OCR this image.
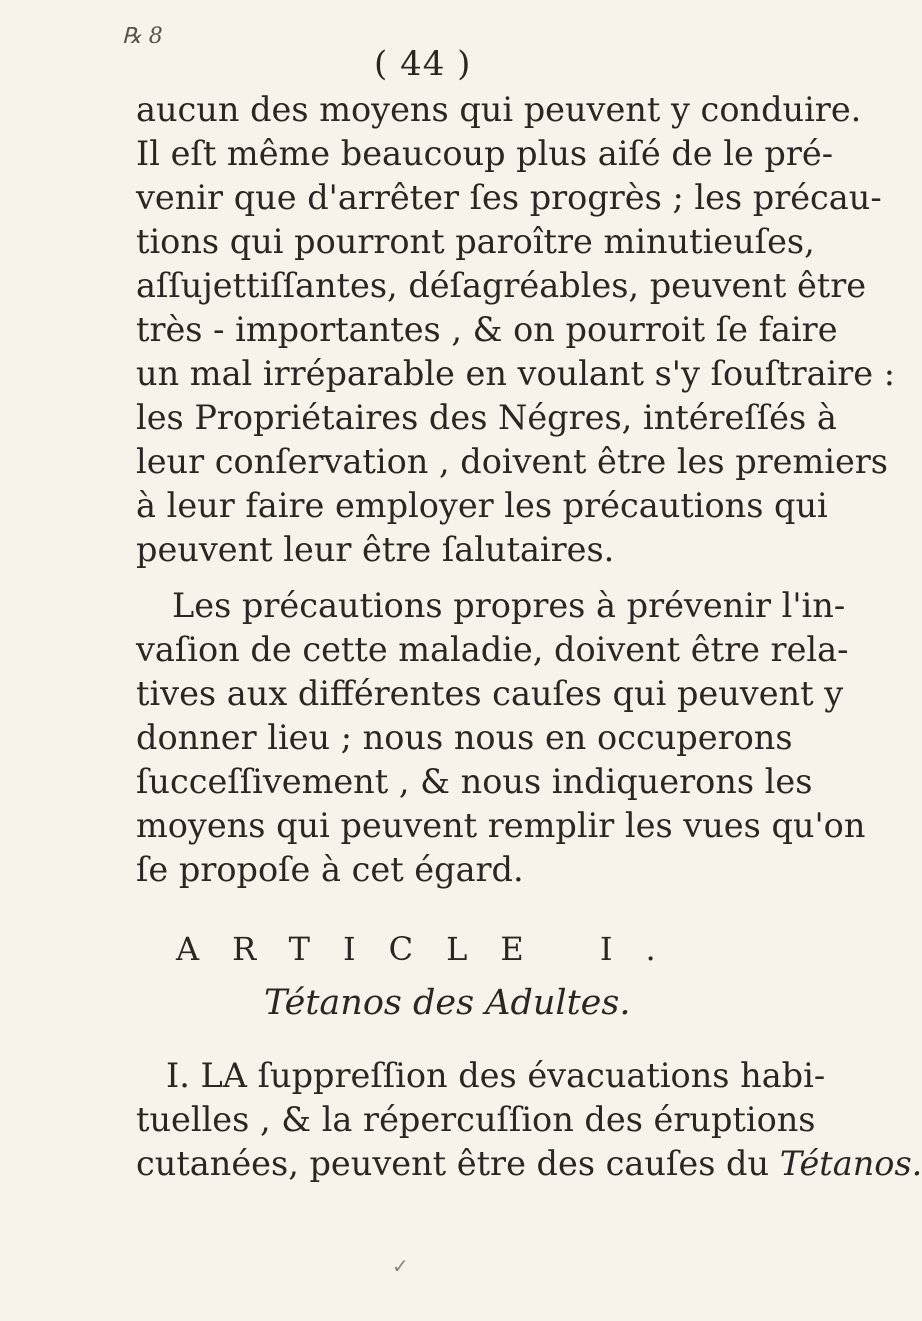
℞ 8
( 44 )
aucun des moyens qui peuvent y conduire.
Il eſt même beaucoup plus aiſé de le pré-
venir que d'arrêter ſes progrès ; les précau-
tions qui pourront paroître minutieuſes,
aſſujettiſſantes, déſagréables, peuvent être
très - importantes , & on pourroit ſe faire
un mal irréparable en voulant s'y ſouſtraire :
les Propriétaires des Négres, intéreſſés à
leur conſervation , doivent être les premiers
à leur faire employer les précautions qui
peuvent leur être ſalutaires.
Les précautions propres à prévenir l'in-
vaſion de cette maladie, doivent être rela-
tives aux différentes cauſes qui peuvent y
donner lieu ; nous nous en occuperons
ſucceſſivement , & nous indiquerons les
moyens qui peuvent remplir les vues qu'on
ſe propoſe à cet égard.
ARTICLE I.
Tétanos des Adultes.
I. LA ſuppreſſion des évacuations habi-
tuelles , & la répercuſſion des éruptions
cutanées, peuvent être des cauſes du Tétanos.
✓
